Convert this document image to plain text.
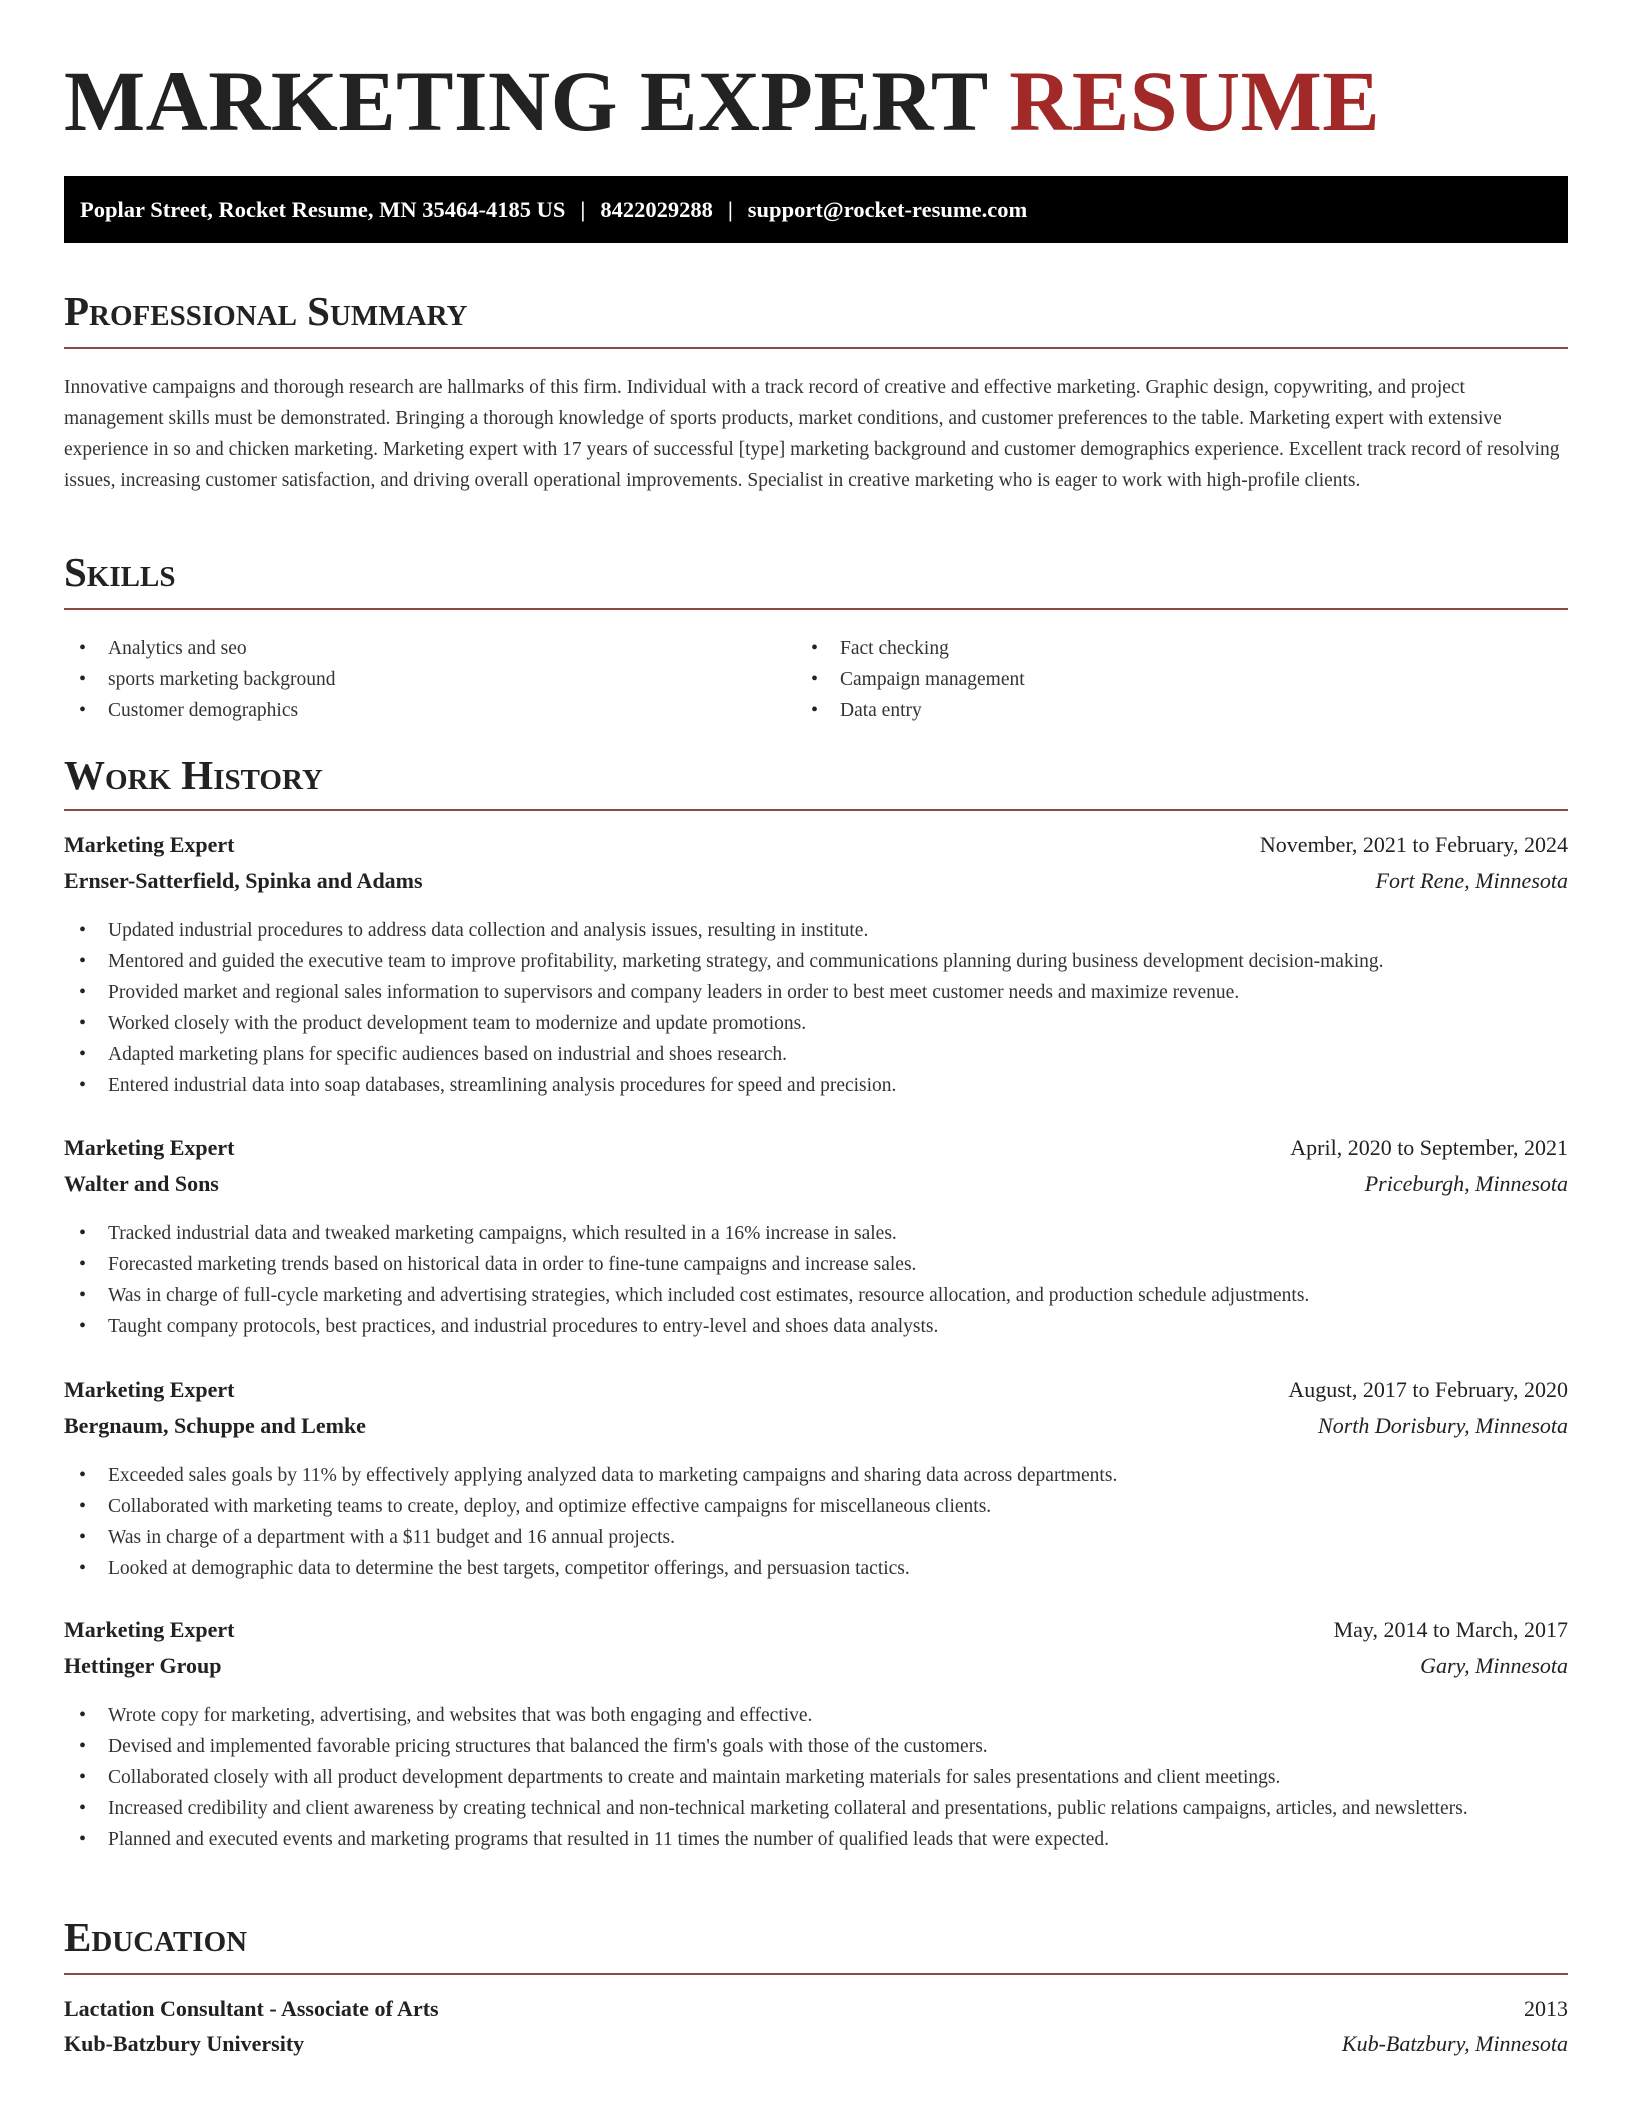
MARKETING EXPERT RESUME
Poplar Street, Rocket Resume, MN 35464-4185 US | 8422029288 | support@rocket-resume.com
Professional Summary

Innovative campaigns and thorough research are hallmarks of this firm. Individual with a track record of creative and effective marketing. Graphic design, copywriting, and project management skills must be demonstrated. Bringing a thorough knowledge of sports products, market conditions, and customer preferences to the table. Marketing expert with extensive experience in so and chicken marketing. Marketing expert with 17 years of successful [type] marketing background and customer demographics experience. Excellent track record of resolving issues, increasing customer satisfaction, and driving overall operational improvements. Specialist in creative marketing who is eager to work with high-profile clients.

Skills
• Analytics and seo
• sports marketing background
• Customer demographics
• Fact checking
• Campaign management
• Data entry
Work History
Marketing Expert	November, 2021 to February, 2024
Ernser-Satterfield, Spinka and Adams	Fort Rene, Minnesota
• Updated industrial procedures to address data collection and analysis issues, resulting in institute.
• Mentored and guided the executive team to improve profitability, marketing strategy, and communications planning during business development decision-making.
• Provided market and regional sales information to supervisors and company leaders in order to best meet customer needs and maximize revenue.
• Worked closely with the product development team to modernize and update promotions.
• Adapted marketing plans for specific audiences based on industrial and shoes research.
• Entered industrial data into soap databases, streamlining analysis procedures for speed and precision.
Marketing Expert	April, 2020 to September, 2021
Walter and Sons	Priceburgh, Minnesota
• Tracked industrial data and tweaked marketing campaigns, which resulted in a 16% increase in sales.
• Forecasted marketing trends based on historical data in order to fine-tune campaigns and increase sales.
• Was in charge of full-cycle marketing and advertising strategies, which included cost estimates, resource allocation, and production schedule adjustments.
• Taught company protocols, best practices, and industrial procedures to entry-level and shoes data analysts.
Marketing Expert	August, 2017 to February, 2020
Bergnaum, Schuppe and Lemke	North Dorisbury, Minnesota
• Exceeded sales goals by 11% by effectively applying analyzed data to marketing campaigns and sharing data across departments.
• Collaborated with marketing teams to create, deploy, and optimize effective campaigns for miscellaneous clients.
• Was in charge of a department with a $11 budget and 16 annual projects.
• Looked at demographic data to determine the best targets, competitor offerings, and persuasion tactics.
Marketing Expert	May, 2014 to March, 2017
Hettinger Group	Gary, Minnesota
• Wrote copy for marketing, advertising, and websites that was both engaging and effective.
• Devised and implemented favorable pricing structures that balanced the firm's goals with those of the customers.
• Collaborated closely with all product development departments to create and maintain marketing materials for sales presentations and client meetings.
• Increased credibility and client awareness by creating technical and non-technical marketing collateral and presentations, public relations campaigns, articles, and newsletters.
• Planned and executed events and marketing programs that resulted in 11 times the number of qualified leads that were expected.
Education
Lactation Consultant - Associate of Arts	2013
Kub-Batzbury University	Kub-Batzbury, Minnesota
